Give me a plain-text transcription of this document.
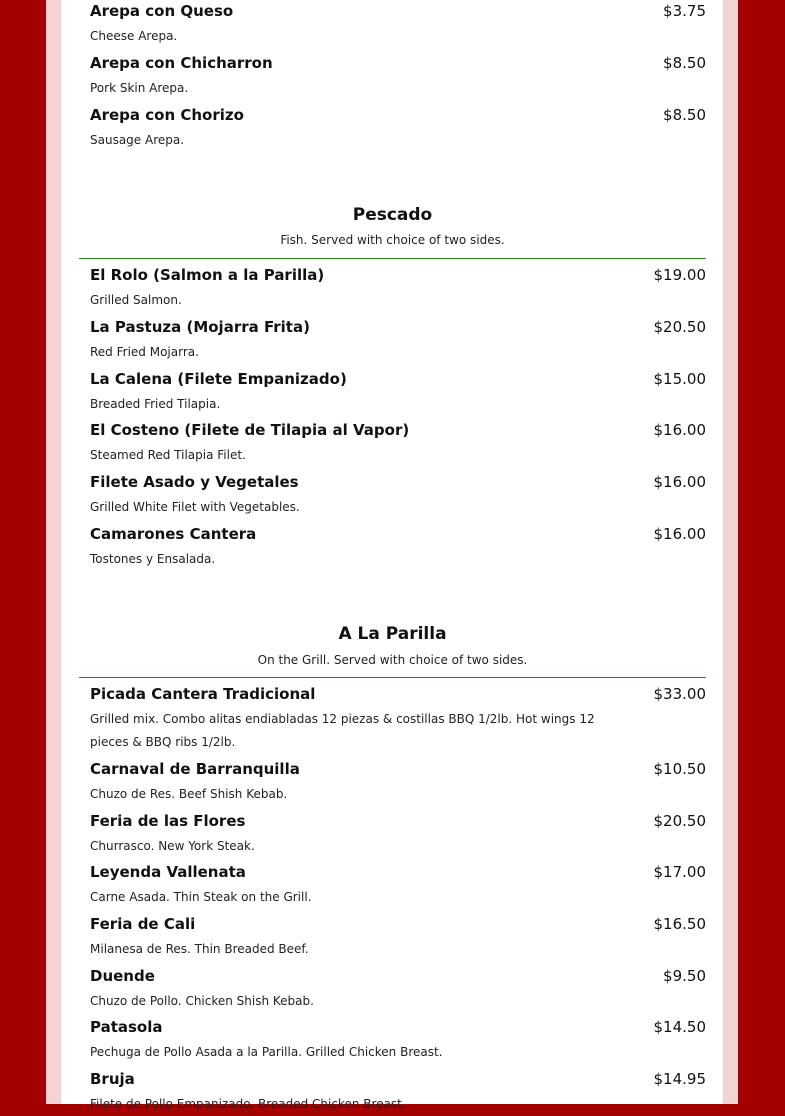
Arepa con Queso	$3.75
Cheese Arepa.
Arepa con Chicharron	$8.50
Pork Skin Arepa.
Arepa con Chorizo	$8.50
Sausage Arepa.
Pescado
Fish. Served with choice of two sides.
El Rolo (Salmon a la Parilla)	$19.00
Grilled Salmon.
La Pastuza (Mojarra Frita)	$20.50
Red Fried Mojarra.
La Calena (Filete Empanizado)	$15.00
Breaded Fried Tilapia.
El Costeno (Filete de Tilapia al Vapor)	$16.00
Steamed Red Tilapia Filet.
Filete Asado y Vegetales	$16.00
Grilled White Filet with Vegetables.
Camarones Cantera	$16.00
Tostones y Ensalada.
A La Parilla
On the Grill. Served with choice of two sides.
Picada Cantera Tradicional	$33.00
Grilled mix. Combo alitas endiabladas 12 piezas & costillas BBQ 1/2lb. Hot wings 12 pieces & BBQ ribs 1/2lb.
Carnaval de Barranquilla	$10.50
Chuzo de Res. Beef Shish Kebab.
Feria de las Flores	$20.50
Churrasco. New York Steak.
Leyenda Vallenata	$17.00
Carne Asada. Thin Steak on the Grill.
Feria de Cali	$16.50
Milanesa de Res. Thin Breaded Beef.
Duende	$9.50
Chuzo de Pollo. Chicken Shish Kebab.
Patasola	$14.50
Pechuga de Pollo Asada a la Parilla. Grilled Chicken Breast.
Bruja	$14.95
Filete de Pollo Empanizado. Breaded Chicken Breast.
